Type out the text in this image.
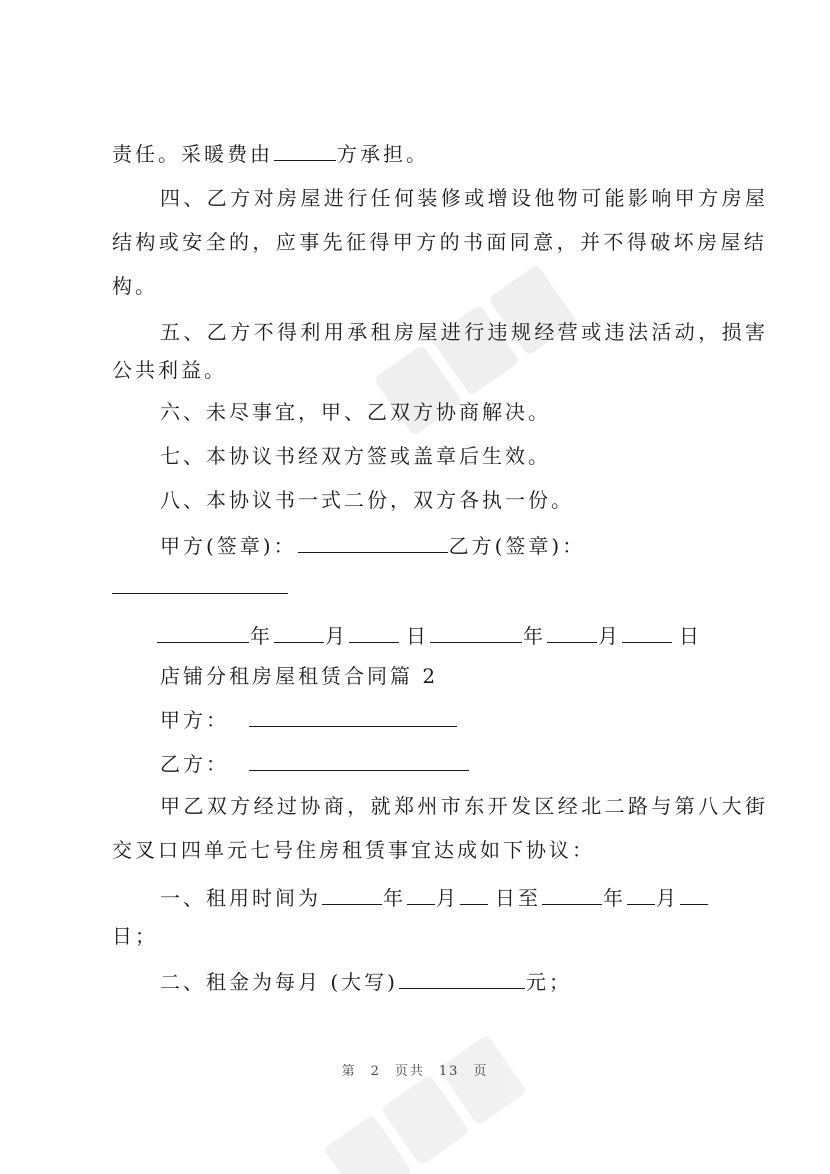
责任。采暖费由	方承担。
四、乙方对房屋进行任何装修或增设他物可能影响甲方房屋
结构或安全的，应事先征得甲方的书面同意，并不得破坏房屋结
构。
五、乙方不得利用承租房屋进行违规经营或违法活动，损害
公共利益。
六、未尽事宜，甲、乙双方协商解决。
七、本协议书经双方签或盖章后生效。
八、本协议书一式二份，双方各执一份。
甲方(签章)：	乙方(签章)：
年	月	日	年	月	日
店铺分租房屋租赁合同篇 2
甲方：
乙方：
甲乙双方经过协商，就郑州市东开发区经北二路与第八大街
交叉口四单元七号住房租赁事宜达成如下协议：
一、租用时间为	年 月 日至	年 月
日；
二、租金为每月 (大写)	元；
第 2 页共 13 页
